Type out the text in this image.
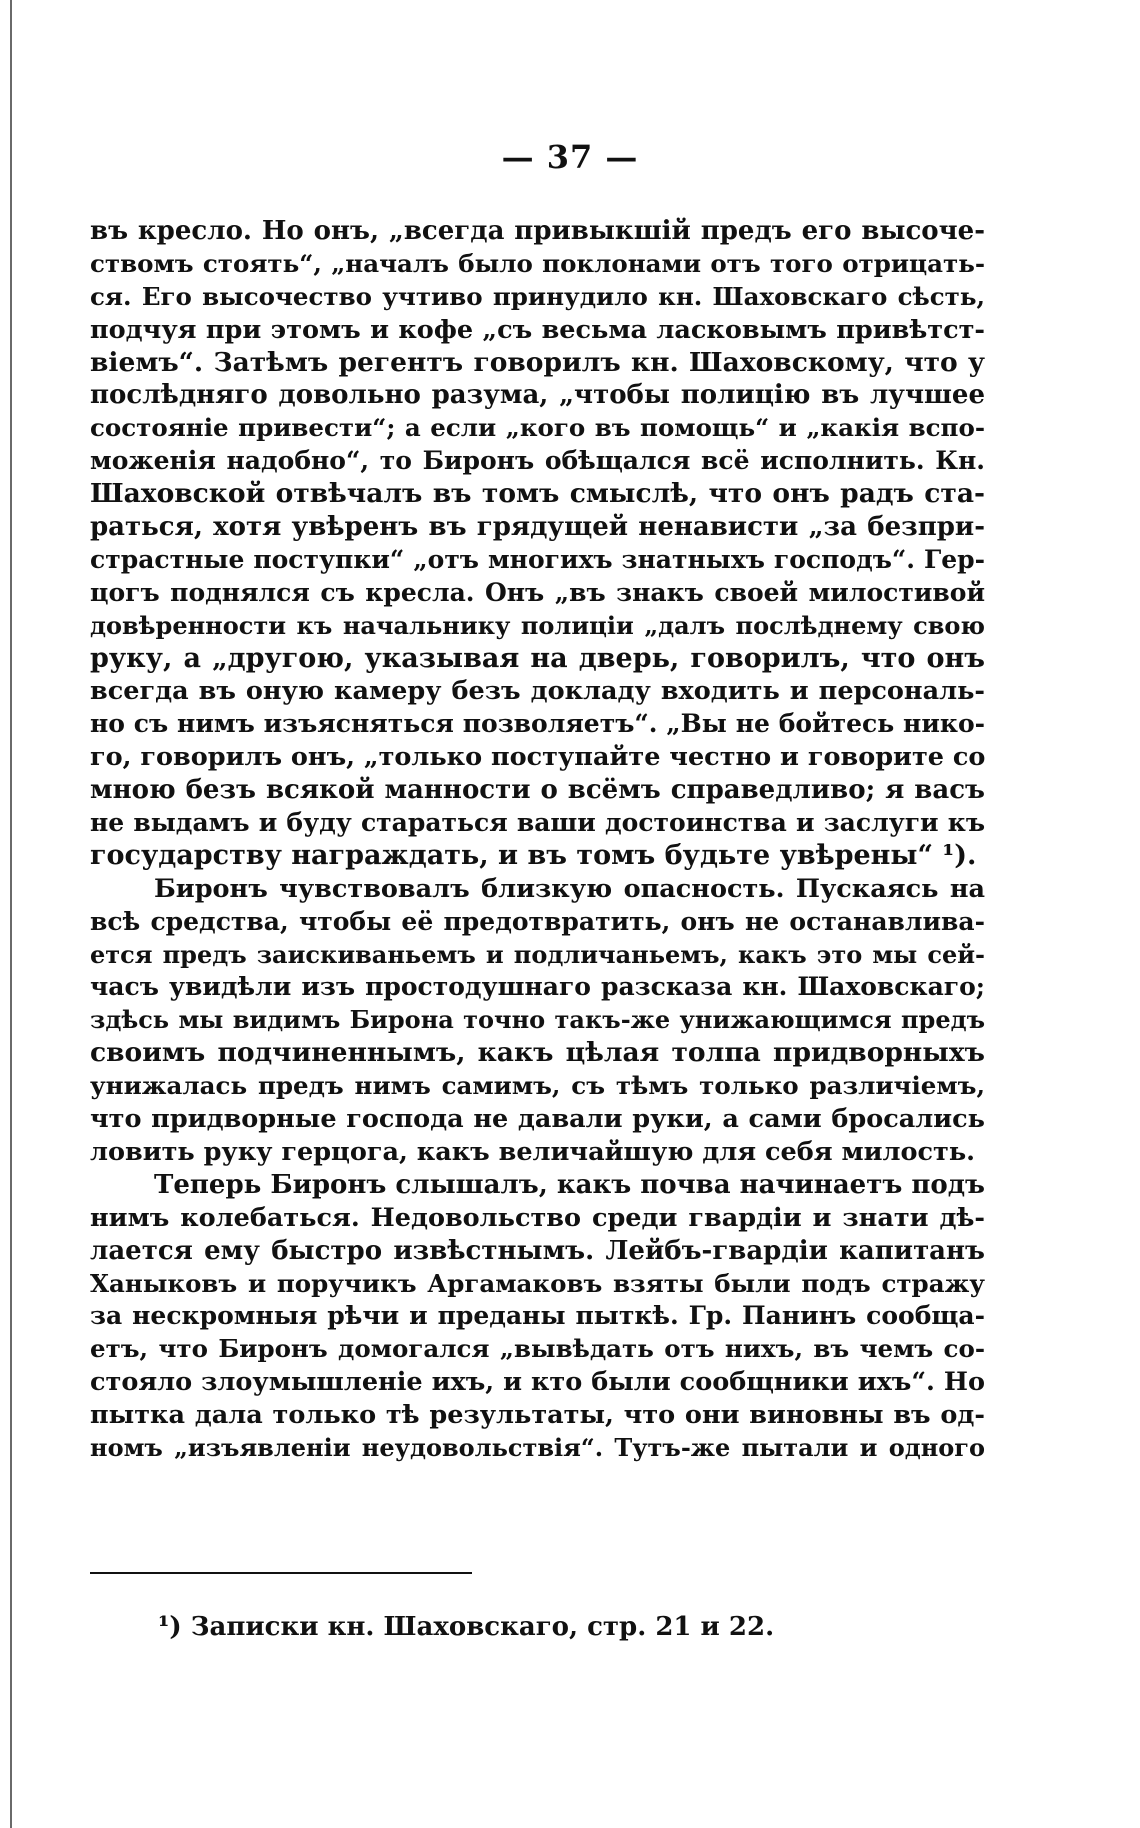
— 37 —
въ кресло. Но онъ, „всегда привыкшій предъ его высоче-
ствомъ стоять“, „началъ было поклонами отъ того отрицать-
ся. Его высочество учтиво принудило кн. Шаховскаго сѣсть,
подчуя при этомъ и кофе „съ весьма ласковымъ привѣтст-
віемъ“. Затѣмъ регентъ говорилъ кн. Шаховскому, что у
послѣдняго довольно разума, „чтобы полицію въ лучшее
состояніе привести“; а если „кого въ помощь“ и „какія вспо-
моженія надобно“, то Биронъ обѣщался всё исполнить. Кн.
Шаховской отвѣчалъ въ томъ смыслѣ, что онъ радъ ста-
раться, хотя увѣренъ въ грядущей ненависти „за безпри-
страстные поступки“ „отъ многихъ знатныхъ господъ“. Гер-
цогъ поднялся съ кресла. Онъ „въ знакъ своей милостивой
довѣренности къ начальнику полиціи „далъ послѣднему свою
руку, а „другою, указывая на дверь, говорилъ, что онъ
всегда въ оную камеру безъ докладу входить и персональ-
но съ нимъ изъясняться позволяетъ“. „Вы не бойтесь нико-
го, говорилъ онъ, „только поступайте честно и говорите со
мною безъ всякой манности о всёмъ справедливо; я васъ
не выдамъ и буду стараться ваши достоинства и заслуги къ
государству награждать, и въ томъ будьте увѣрены“ ¹).
Биронъ чувствовалъ близкую опасность. Пускаясь на
всѣ средства, чтобы её предотвратить, онъ не останавлива-
ется предъ заискиваньемъ и подличаньемъ, какъ это мы сей-
часъ увидѣли изъ простодушнаго разсказа кн. Шаховскаго;
здѣсь мы видимъ Бирона точно такъ-же унижающимся предъ
своимъ подчиненнымъ, какъ цѣлая толпа придворныхъ
унижалась предъ нимъ самимъ, съ тѣмъ только различіемъ,
что придворные господа не давали руки, а сами бросались
ловить руку герцога, какъ величайшую для себя милость.
Теперь Биронъ слышалъ, какъ почва начинаетъ подъ
нимъ колебаться. Недовольство среди гвардіи и знати дѣ-
лается ему быстро извѣстнымъ. Лейбъ-гвардіи капитанъ
Ханыковъ и поручикъ Аргамаковъ взяты были подъ стражу
за нескромныя рѣчи и преданы пыткѣ. Гр. Панинъ сообща-
етъ, что Биронъ домогался „вывѣдать отъ нихъ, въ чемъ со-
стояло злоумышленіе ихъ, и кто были сообщники ихъ“. Но
пытка дала только тѣ результаты, что они виновны въ од-
номъ „изъявленіи неудовольствія“. Тутъ-же пытали и одного
¹) Записки кн. Шаховскаго, стр. 21 и 22.
